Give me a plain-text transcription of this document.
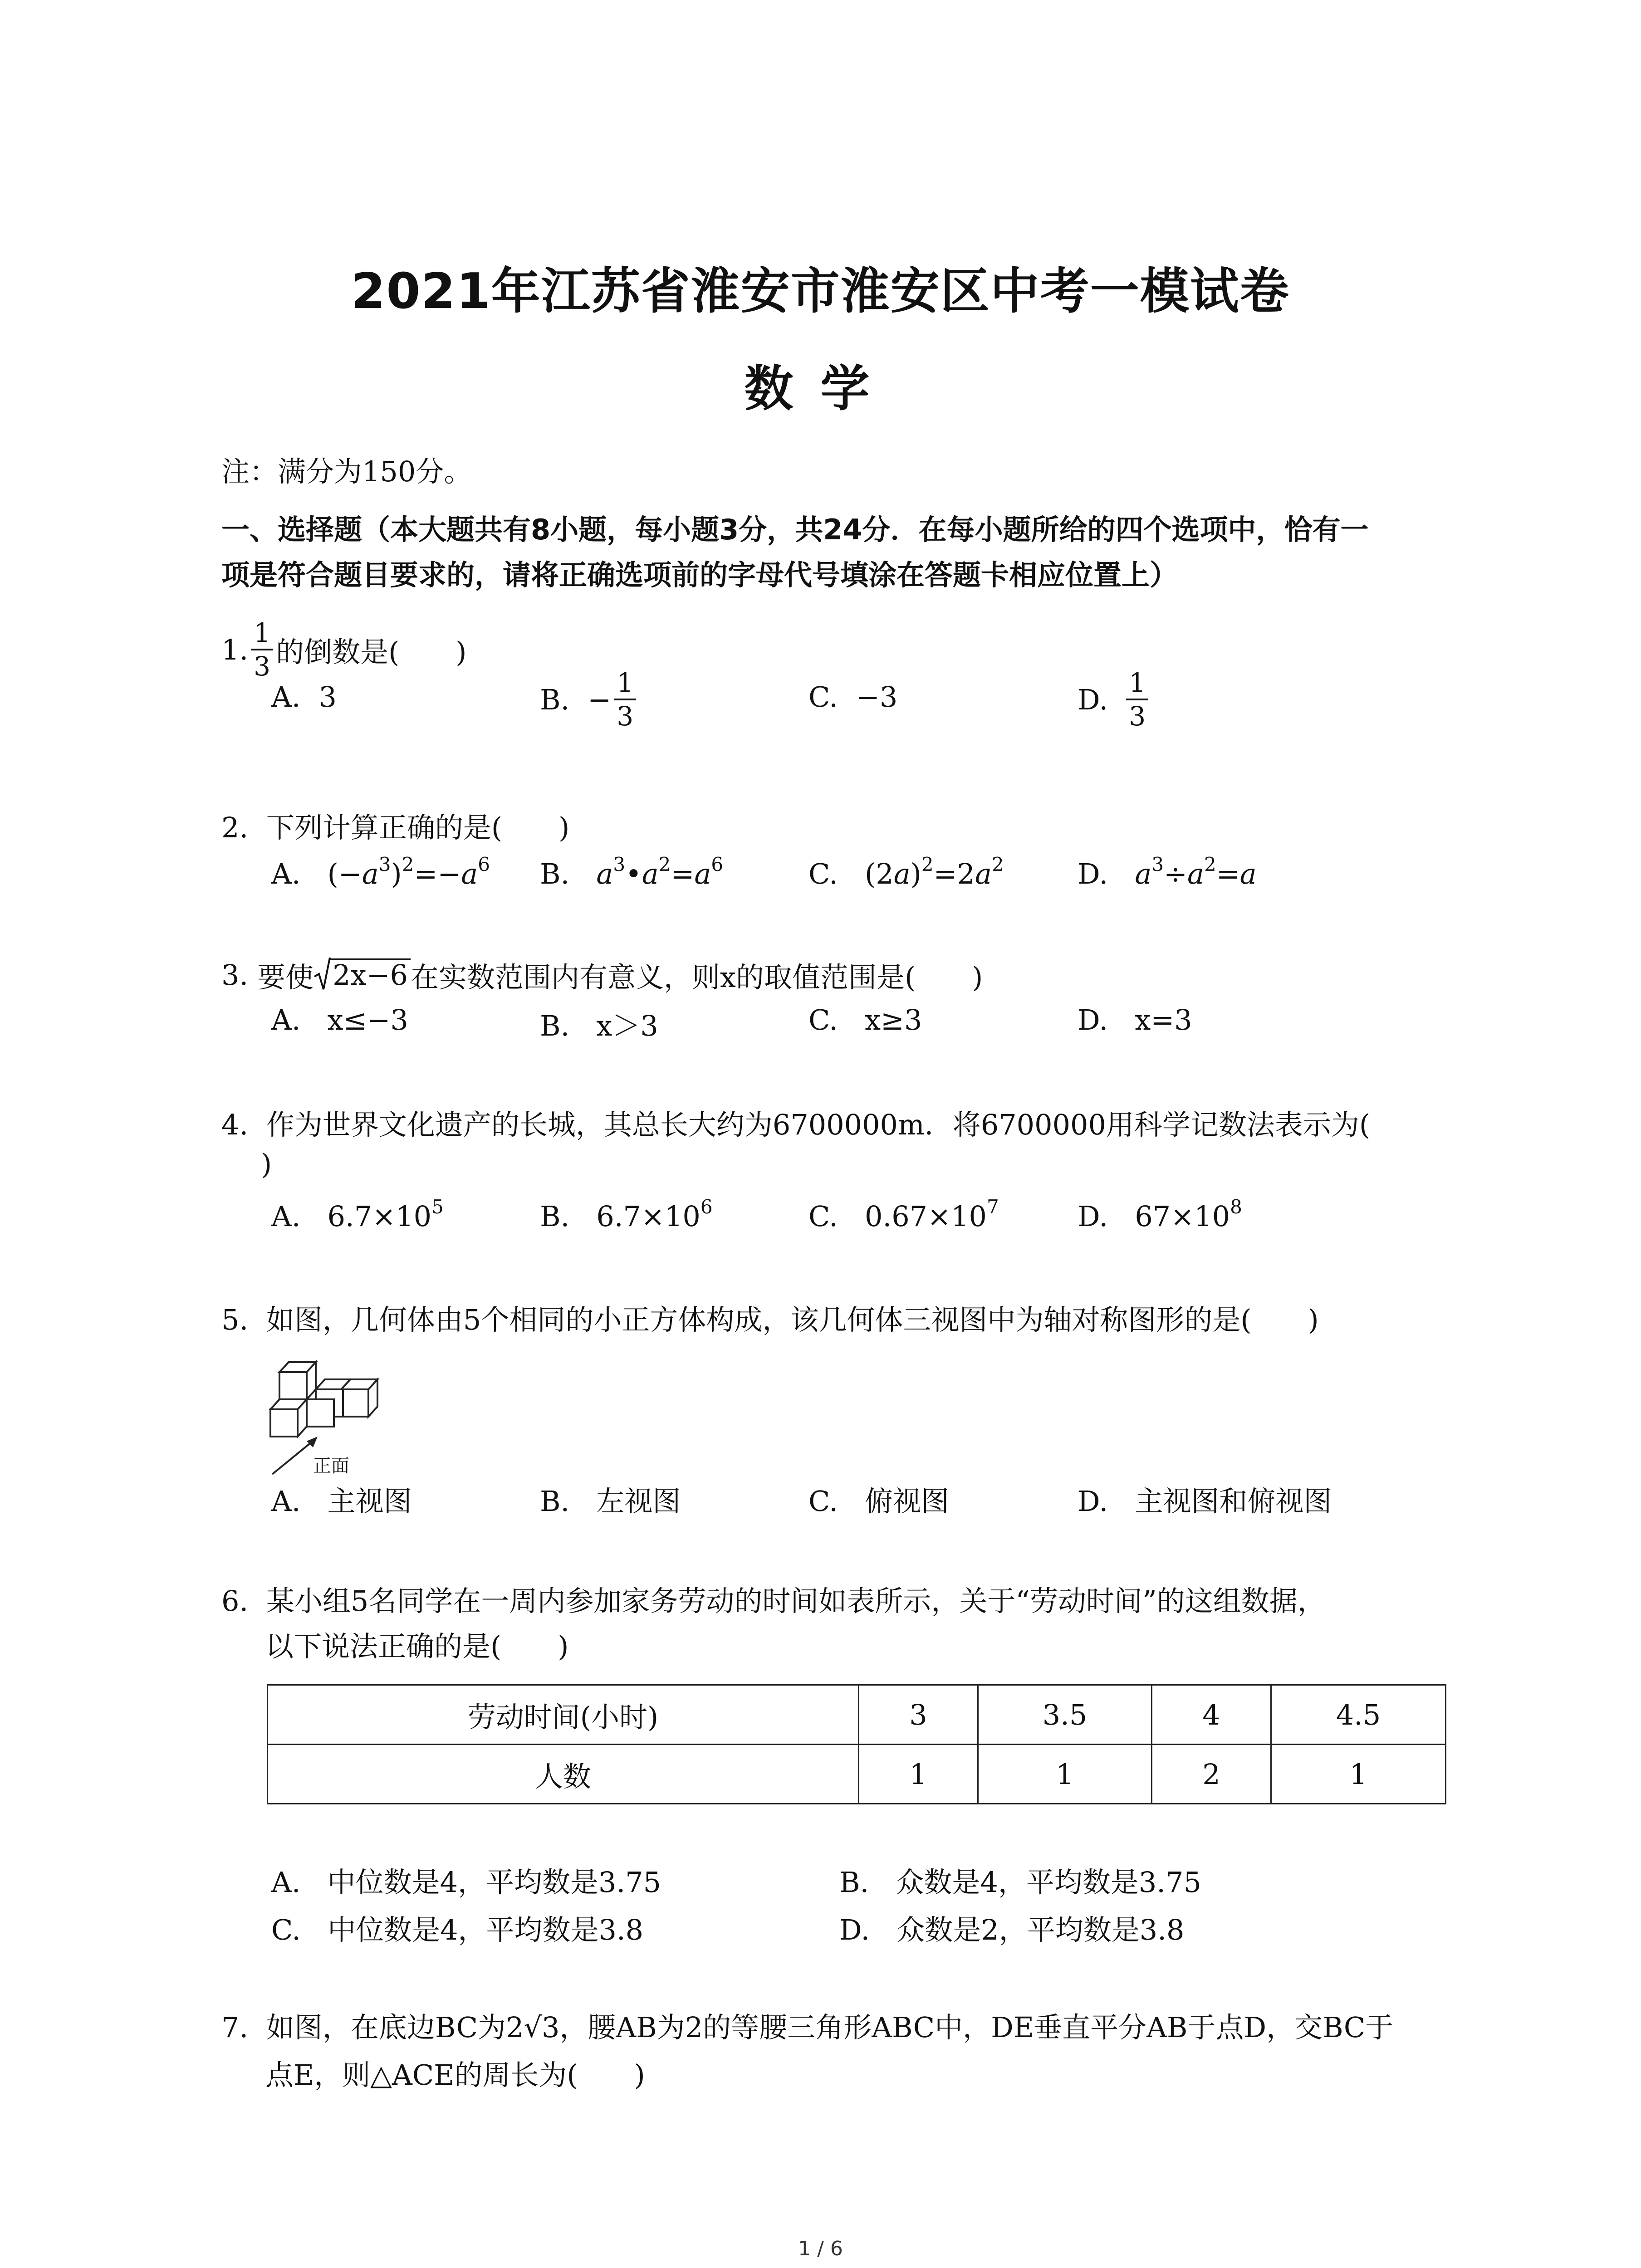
2021年江苏省淮安市淮安区中考一模试卷
数学
注：满分为150分。
一、选择题（本大题共有8小题，每小题3分，共24分．在每小题所给的四个选项中，恰有一
项是符合题目要求的，请将正确选项前的字母代号填涂在答题卡相应位置上）
1. $\frac{1}{3}$ 的倒数是(　　)
A. 3	B. − $\frac{1}{3}$	C. −3	D. $\frac{1}{3}$
2. 下列计算正确的是(　　)
A.   $(-a^3)^2=-a^6$ B.   $a^3•a^2=a^6$	C.   $(2a)^2=2a^2$	D.   $a^3\div a^2=a$
3. 要使 2x−6 在实数范围内有意义，则x的取值范围是(　　)
A.   x≤−3	B.   x＞3	C.   x≥3	D.   x=3
4. 作为世界文化遗产的长城，其总长大约为6700000m．将6700000用科学记数法表示为(
)
A.   $6.7\times 10^5$	B.   $6.7\times 10^6$	C.   $0.67\times 10^7$	D.   $67\times 10^8$
5. 如图，几何体由5个相同的小正方体构成，该几何体三视图中为轴对称图形的是(　　)
正面
A.   主视图	B.   左视图	C.   俯视图	D.   主视图和俯视图
6. 某小组5名同学在一周内参加家务劳动的时间如表所示，关于“劳动时间”的这组数据，
以下说法正确的是(　　)
劳动时间(小时)	3	3.5	4	4.5
人数	1	1	2	1
A.   中位数是4，平均数是3.75	B.   众数是4，平均数是3.75
C.   中位数是4，平均数是3.8	D.   众数是2，平均数是3.8
7. 如图，在底边BC为2√3，腰AB为2的等腰三角形ABC中，DE垂直平分AB于点D，交BC于
点E，则△ACE的周长为(　　)
1 / 6
